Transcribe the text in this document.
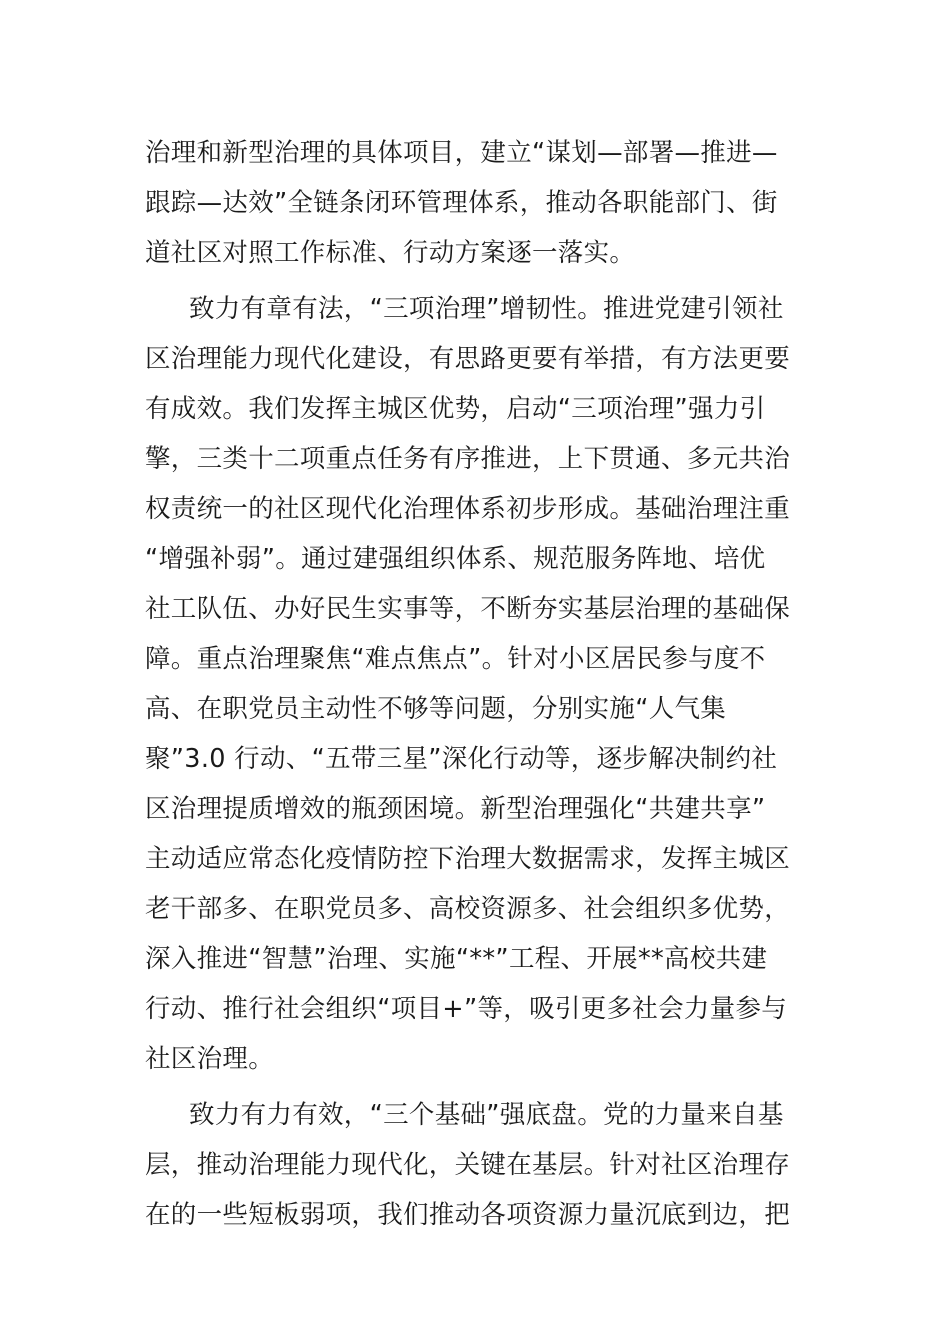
治理和新型治理的具体项目，建立“谋划—部署—推进—
跟踪—达效”全链条闭环管理体系，推动各职能部门、街
道社区对照工作标准、行动方案逐一落实。
致力有章有法，“三项治理”增韧性。推进党建引领社
区治理能力现代化建设，有思路更要有举措，有方法更要
有成效。我们发挥主城区优势，启动“三项治理”强力引
擎，三类十二项重点任务有序推进，上下贯通、多元共治
权责统一的社区现代化治理体系初步形成。基础治理注重
“增强补弱”。通过建强组织体系、规范服务阵地、培优
社工队伍、办好民生实事等，不断夯实基层治理的基础保
障。重点治理聚焦“难点焦点”。针对小区居民参与度不
高、在职党员主动性不够等问题，分别实施“人气集
聚”3.0 行动、“五带三星”深化行动等，逐步解决制约社
区治理提质增效的瓶颈困境。新型治理强化“共建共享”
主动适应常态化疫情防控下治理大数据需求，发挥主城区
老干部多、在职党员多、高校资源多、社会组织多优势，
深入推进“智慧”治理、实施“**”工程、开展**高校共建
行动、推行社会组织“项目+”等，吸引更多社会力量参与
社区治理。
致力有力有效，“三个基础”强底盘。党的力量来自基
层，推动治理能力现代化，关键在基层。针对社区治理存
在的一些短板弱项，我们推动各项资源力量沉底到边，把
